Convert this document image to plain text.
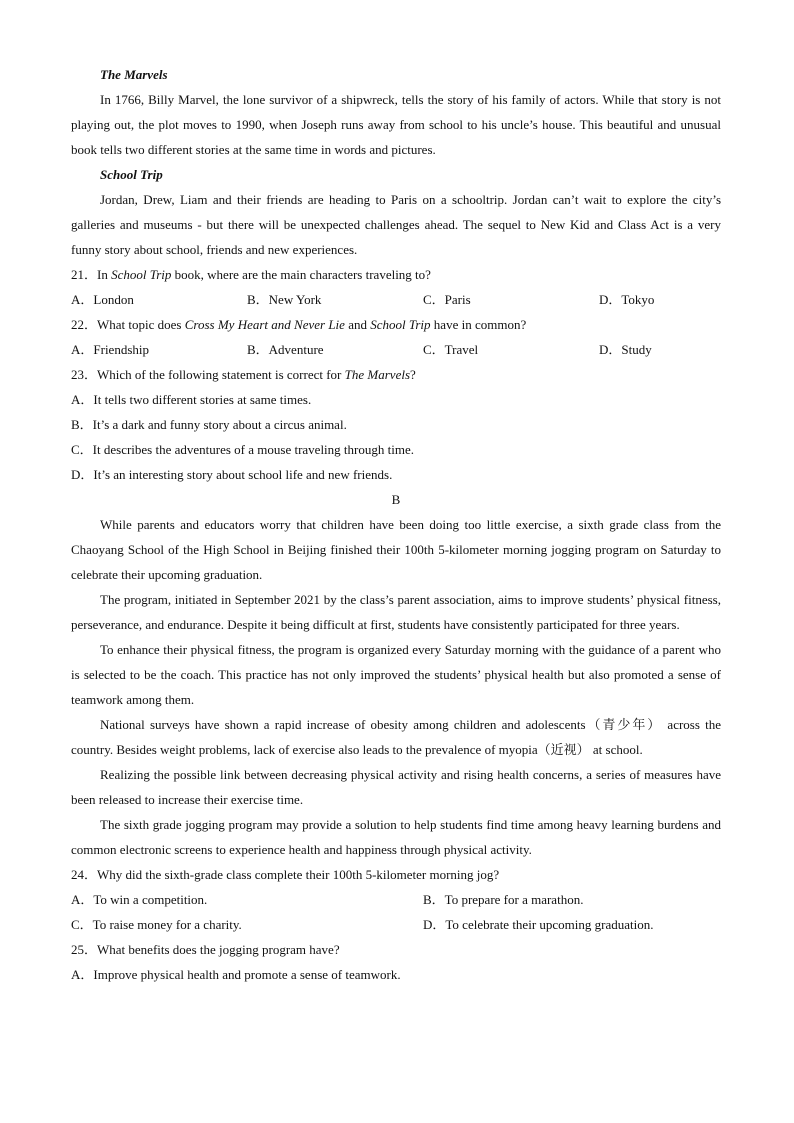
The Marvels
In 1766, Billy Marvel, the lone survivor of a shipwreck, tells the story of his family of actors. While that story is not playing out, the plot moves to 1990, when Joseph runs away from school to his uncle’s house. This beautiful and unusual book tells two different stories at the same time in words and pictures.
School Trip
Jordan, Drew, Liam and their friends are heading to Paris on a schooltrip. Jordan can’t wait to explore the city’s galleries and museums - but there will be unexpected challenges ahead. The sequel to New Kid and Class Act is a very funny story about school, friends and new experiences.
21．In School Trip book, where are the main characters traveling to?
A．London	B．New York	C．Paris	D．Tokyo
22．What topic does Cross My Heart and Never Lie and School Trip have in common?
A．Friendship	B．Adventure	C．Travel	D．Study
23．Which of the following statement is correct for The Marvels?
A．It tells two different stories at same times.
B．It’s a dark and funny story about a circus animal.
C．It describes the adventures of a mouse traveling through time.
D．It’s an interesting story about school life and new friends.
B
While parents and educators worry that children have been doing too little exercise, a sixth grade class from the Chaoyang School of the High School in Beijing finished their 100th 5-kilometer morning jogging program on Saturday to celebrate their upcoming graduation.
The program, initiated in September 2021 by the class’s parent association, aims to improve students’ physical fitness, perseverance, and endurance. Despite it being difficult at first, students have consistently participated for three years.
To enhance their physical fitness, the program is organized every Saturday morning with the guidance of a parent who is selected to be the coach. This practice has not only improved the students’ physical health but also promoted a sense of teamwork among them.
National surveys have shown a rapid increase of obesity among children and adolescents（青少年） across the country. Besides weight problems, lack of exercise also leads to the prevalence of myopia（近视） at school.
Realizing the possible link between decreasing physical activity and rising health concerns, a series of measures have been released to increase their exercise time.
The sixth grade jogging program may provide a solution to help students find time among heavy learning burdens and common electronic screens to experience health and happiness through physical activity.
24．Why did the sixth-grade class complete their 100th 5-kilometer morning jog?
A．To win a competition.	B．To prepare for a marathon.
C．To raise money for a charity.	D．To celebrate their upcoming graduation.
25．What benefits does the jogging program have?
A．Improve physical health and promote a sense of teamwork.
